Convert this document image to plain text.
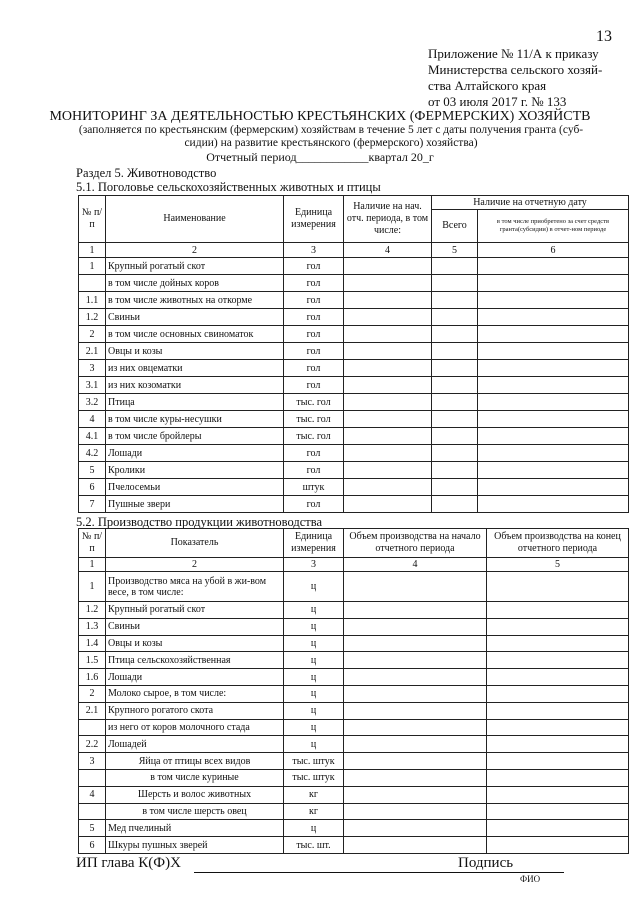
13
Приложение № 11/А к приказу
Министерства сельского хозяй-
ства Алтайского края
от 03 июля 2017 г. № 133
МОНИТОРИНГ ЗА ДЕЯТЕЛЬНОСТЬЮ КРЕСТЬЯНСКИХ (ФЕРМЕРСКИХ) ХОЗЯЙСТВ
(заполняется по крестьянским (фермерским) хозяйствам в течение 5 лет с даты получения гранта (суб-сидии) на развитие крестьянского (фермерского) хозяйства)
Отчетный период____________квартал 20_г
Раздел 5. Животноводство
5.1. Поголовье сельскохозяйственных животных и птицы
№ п/п	Наименование	Единица измерения	Наличие на нач. отч. периода, в том числе:	Наличие на отчетную дату	
				Всего	в том числе приобретено за счет средств гранта(субсидии) в отчет-ном периоде
1	2	3	4	5	6
1	Крупный рогатый скот	гол			
	в том числе дойных коров	гол			
1.1	в том числе животных на откорме	гол			
1.2	Свиньи	гол			
2	в том числе основных свиноматок	гол			
2.1	Овцы и козы	гол			
3	из них овцематки	гол			
3.1	из них козоматки	гол			
3.2	Птица	тыс. гол			
4	в том числе куры-несушки	тыс. гол			
4.1	в том числе бройлеры	тыс. гол			
4.2	Лошади	гол			
5	Кролики	гол			
6	Пчелосемьи	штук			
7	Пушные звери	гол			
5.2. Производство продукции животноводства
№ п/п	Показатель	Единица измерения	Объем производства на начало отчетного периода	Объем производства на конец отчетного периода
1	2	3	4	5
1	Производство мяса на убой в жи-вом весе, в том числе:	ц		
1.2	Крупный рогатый скот	ц		
1.3	Свиньи	ц		
1.4	Овцы и козы	ц		
1.5	Птица сельскохозяйственная	ц		
1.6	Лошади	ц		
2	Молоко сырое, в том числе:	ц		
2.1	Крупного рогатого скота	ц		
	из него от коров молочного стада	ц		
2.2	Лошадей	ц		
3	Яйца от птицы всех видов	тыс. штук		
	в том числе куриные	тыс. штук		
4	Шерсть и волос животных	кг		
	в том числе шерсть овец	кг		
5	Мед пчелиный	ц		
6	Шкуры пушных зверей	тыс. шт.		
ИП глава К(Ф)Х	Подпись
ФИО
